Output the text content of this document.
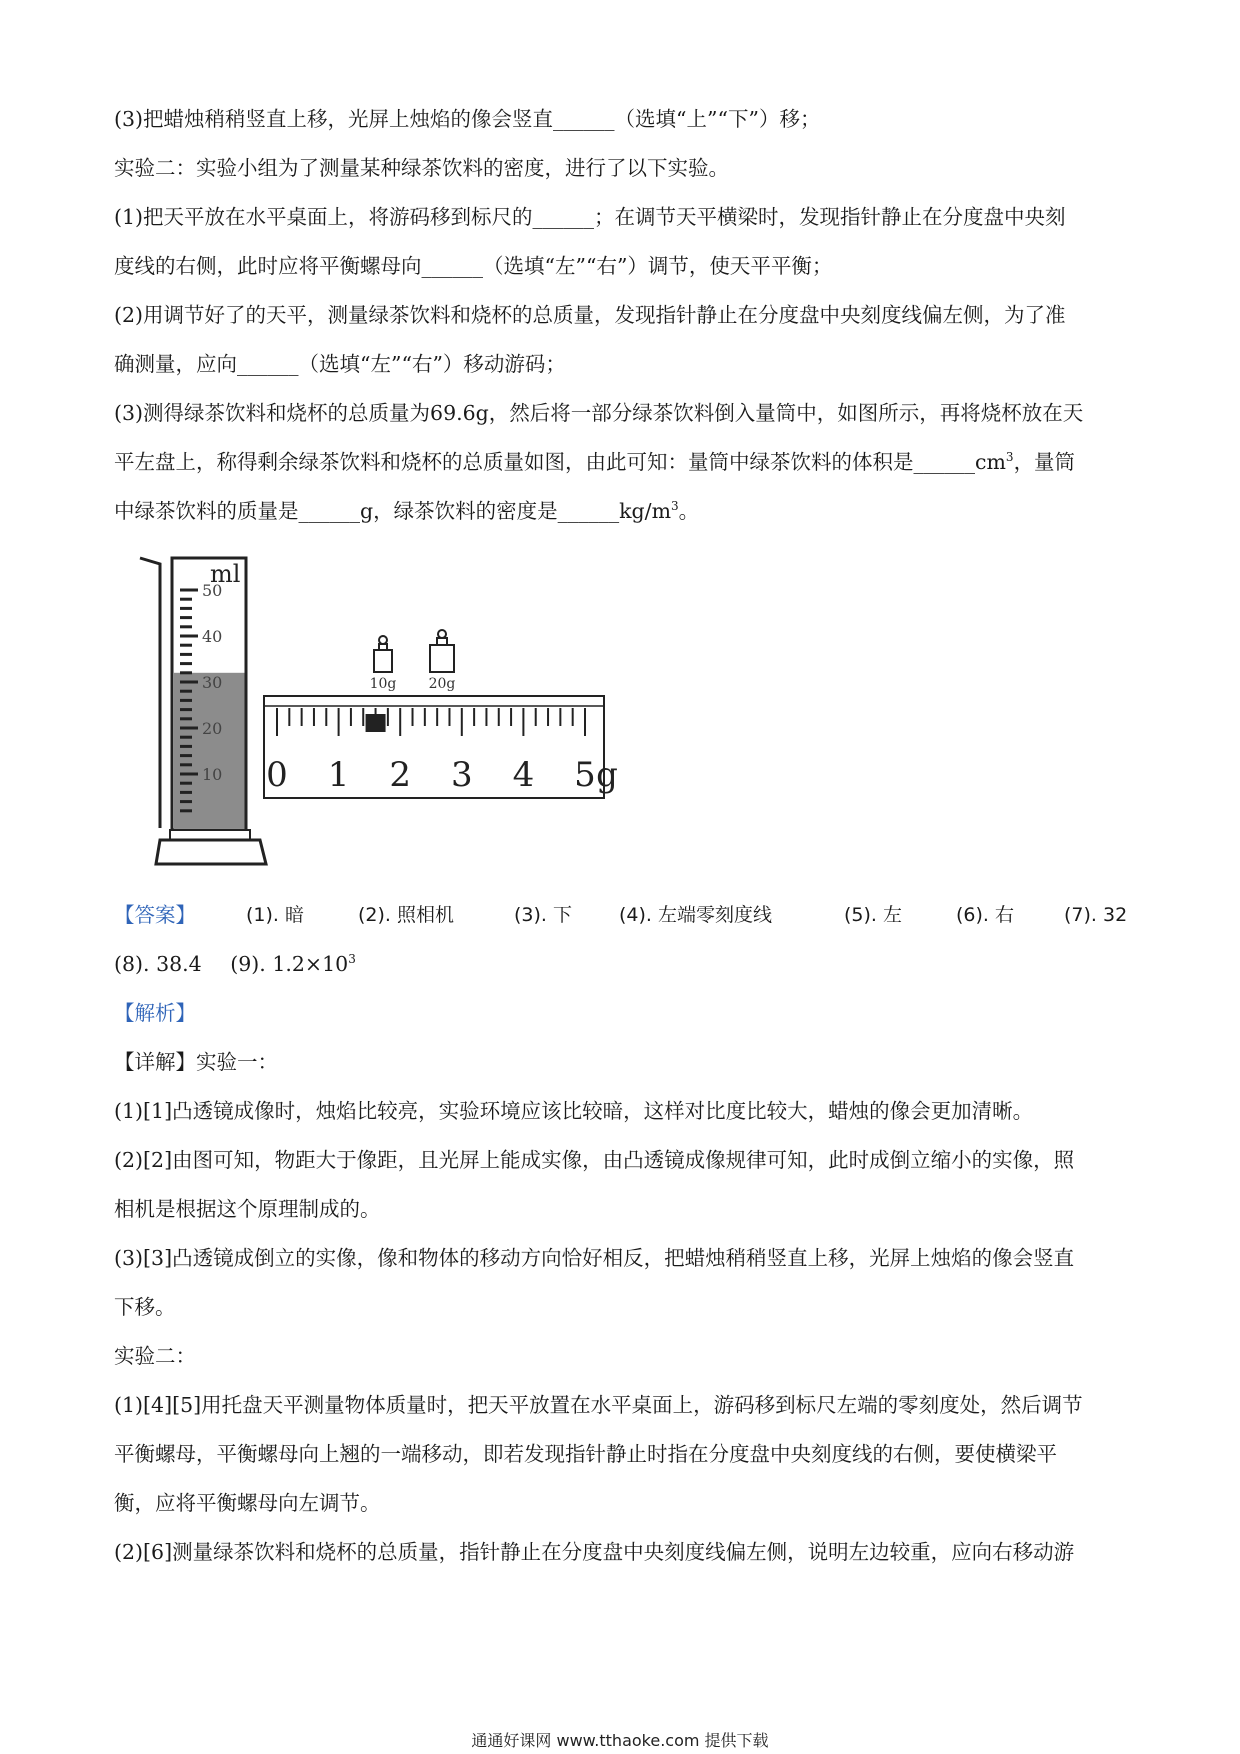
(3)把蜡烛稍稍竖直上移，光屏上烛焰的像会竖直______（选填“上”“下”）移；
实验二：实验小组为了测量某种绿茶饮料的密度，进行了以下实验。
(1)把天平放在水平桌面上，将游码移到标尺的______；在调节天平横梁时，发现指针静止在分度盘中央刻
度线的右侧，此时应将平衡螺母向______（选填“左”“右”）调节，使天平平衡；
(2)用调节好了的天平，测量绿茶饮料和烧杯的总质量，发现指针静止在分度盘中央刻度线偏左侧，为了准
确测量，应向______（选填“左”“右”）移动游码；
(3)测得绿茶饮料和烧杯的总质量为69.6g，然后将一部分绿茶饮料倒入量筒中，如图所示，再将烧杯放在天
平左盘上，称得剩余绿茶饮料和烧杯的总质量如图，由此可知：量筒中绿茶饮料的体积是$\_\_\_\_\_\_cm^3$，量筒
中绿茶饮料的质量是______g，绿茶饮料的密度是$\_\_\_\_\_\_kg/m^3$。
ml
50
40
30
20
10
10g 20g
0 1 2 3 4 5 g
【答案】	(1). 暗	(2). 照相机	(3). 下 (4). 左端零刻度线	(5). 左	(6). 右	(7). 32
(8). 38.4 (9). $1.2\times 10^3$
【解析】
【详解】实验一：
(1)[1]凸透镜成像时，烛焰比较亮，实验环境应该比较暗，这样对比度比较大，蜡烛的像会更加清晰。
(2)[2]由图可知，物距大于像距，且光屏上能成实像，由凸透镜成像规律可知，此时成倒立缩小的实像，照
相机是根据这个原理制成的。
(3)[3]凸透镜成倒立的实像，像和物体的移动方向恰好相反，把蜡烛稍稍竖直上移，光屏上烛焰的像会竖直
下移。
实验二：
(1)[4][5]用托盘天平测量物体质量时，把天平放置在水平桌面上，游码移到标尺左端的零刻度处，然后调节
平衡螺母，平衡螺母向上翘的一端移动，即若发现指针静止时指在分度盘中央刻度线的右侧，要使横梁平
衡，应将平衡螺母向左调节。
(2)[6]测量绿茶饮料和烧杯的总质量，指针静止在分度盘中央刻度线偏左侧，说明左边较重，应向右移动游
通通好课网 www.tthaoke.com 提供下载
